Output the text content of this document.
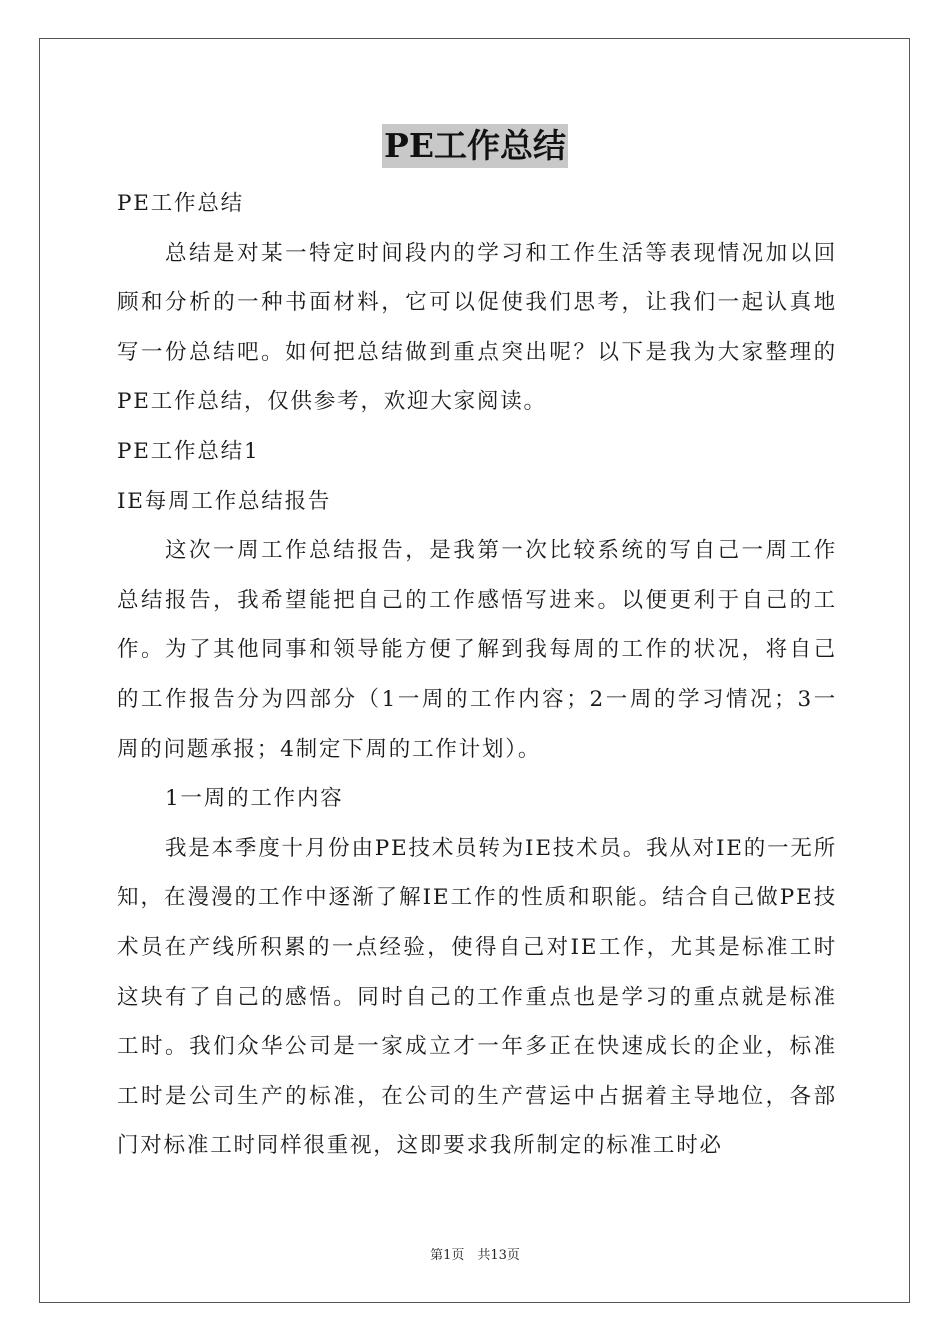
PE工作总结

PE工作总结

总结是对某一特定时间段内的学习和工作生活等表现情况加以回顾和分析的一种书面材料，它可以促使我们思考，让我们一起认真地写一份总结吧。如何把总结做到重点突出呢？以下是我为大家整理的PE工作总结，仅供参考，欢迎大家阅读。

PE工作总结1

IE每周工作总结报告

这次一周工作总结报告，是我第一次比较系统的写自己一周工作总结报告，我希望能把自己的工作感悟写进来。以便更利于自己的工作。为了其他同事和领导能方便了解到我每周的工作的状况，将自己的工作报告分为四部分（1一周的工作内容；2一周的学习情况；3一周的问题承报；4制定下周的工作计划）。

1一周的工作内容

我是本季度十月份由PE技术员转为IE技术员。我从对IE的一无所知，在漫漫的工作中逐渐了解IE工作的性质和职能。结合自己做PE技术员在产线所积累的一点经验，使得自己对IE工作，尤其是标准工时这块有了自己的感悟。同时自己的工作重点也是学习的重点就是标准工时。我们众华公司是一家成立才一年多正在快速成长的企业，标准工时是公司生产的标准，在公司的生产营运中占据着主导地位，各部门对标准工时同样很重视，这即要求我所制定的标准工时必

第1页　共13页
